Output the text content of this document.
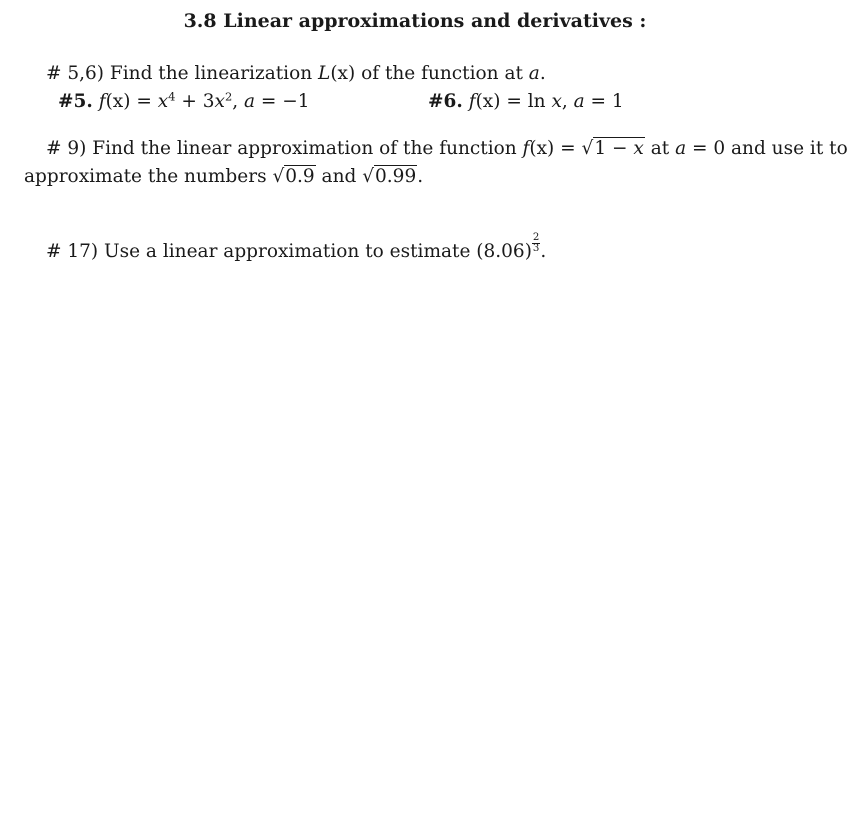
3.8 Linear approximations and derivatives :
# 5,6) Find the linearization L(x) of the function at a.
#5. $f(x) = x^4 + 3x^2$, a = −1	#6. f(x) = ln x, a = 1
# 9) Find the linear approximation of the function f(x) = √1 − x at a = 0 and use it to
approximate the numbers √0.9 and √0.99.
# 17) Use a linear approximation to estimate $(8.06) \frac{2}{3}$ .
